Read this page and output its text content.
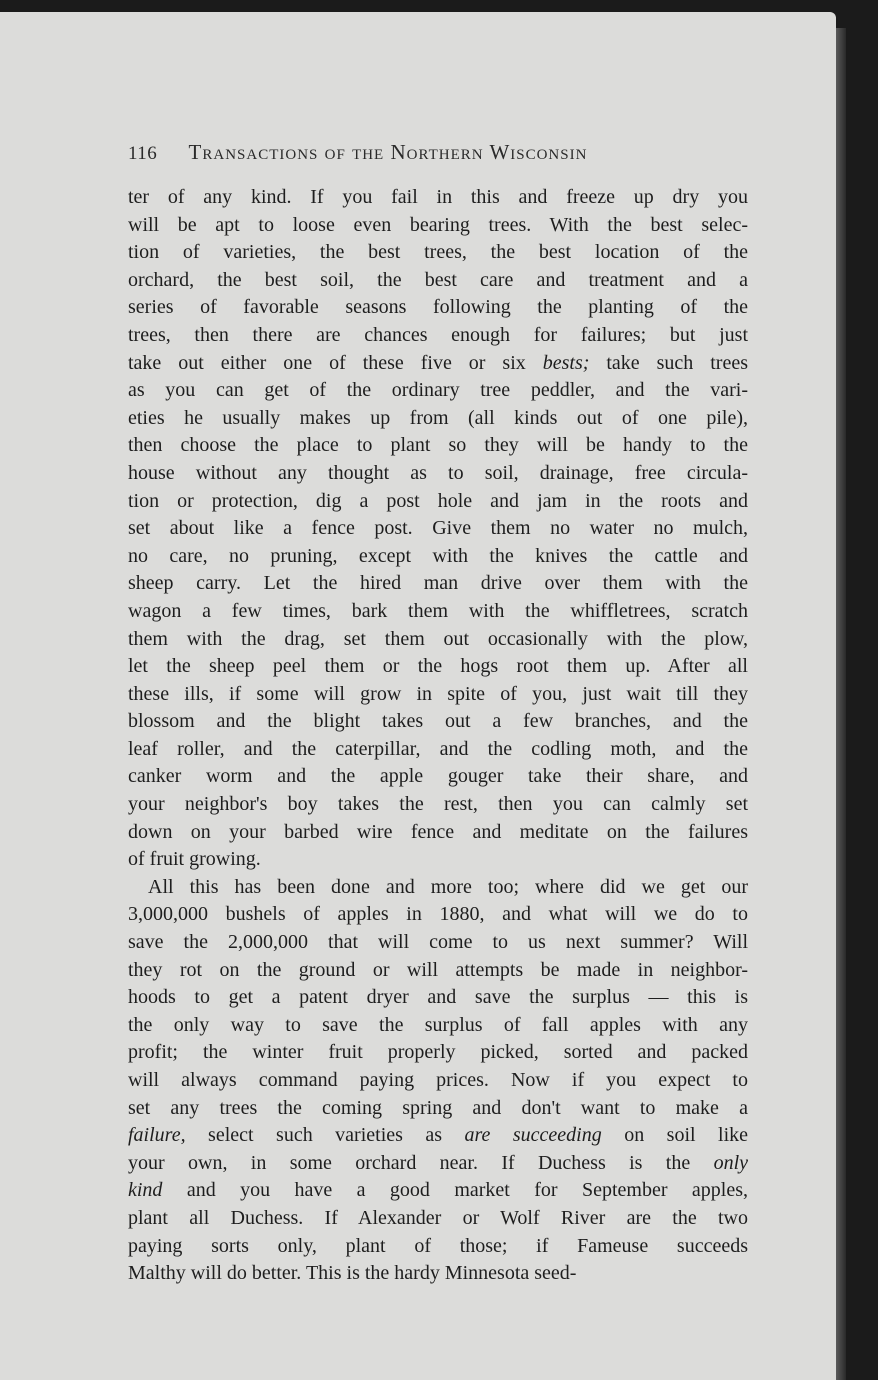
116 Transactions of the Northern Wisconsin

ter of any kind. If you fail in this and freeze up dry you
will be apt to loose even bearing trees. With the best selec-
tion of varieties, the best trees, the best location of the
orchard, the best soil, the best care and treatment and a
series of favorable seasons following the planting of the
trees, then there are chances enough for failures; but just
take out either one of these five or six bests; take such trees
as you can get of the ordinary tree peddler, and the vari-
eties he usually makes up from (all kinds out of one pile),
then choose the place to plant so they will be handy to the
house without any thought as to soil, drainage, free circula-
tion or protection, dig a post hole and jam in the roots and
set about like a fence post. Give them no water no mulch,
no care, no pruning, except with the knives the cattle and
sheep carry. Let the hired man drive over them with the
wagon a few times, bark them with the whiffletrees, scratch
them with the drag, set them out occasionally with the plow,
let the sheep peel them or the hogs root them up. After all
these ills, if some will grow in spite of you, just wait till they
blossom and the blight takes out a few branches, and the
leaf roller, and the caterpillar, and the codling moth, and the
canker worm and the apple gouger take their share, and
your neighbor's boy takes the rest, then you can calmly set
down on your barbed wire fence and meditate on the failures
of fruit growing.

All this has been done and more too; where did we get our
3,000,000 bushels of apples in 1880, and what will we do to
save the 2,000,000 that will come to us next summer? Will
they rot on the ground or will attempts be made in neighbor-
hoods to get a patent dryer and save the surplus — this is
the only way to save the surplus of fall apples with any
profit; the winter fruit properly picked, sorted and packed
will always command paying prices. Now if you expect to
set any trees the coming spring and don't want to make a
failure, select such varieties as are succeeding on soil like
your own, in some orchard near. If Duchess is the only
kind and you have a good market for September apples,
plant all Duchess. If Alexander or Wolf River are the two
paying sorts only, plant of those; if Fameuse succeeds
Malthy will do better. This is the hardy Minnesota seed-
